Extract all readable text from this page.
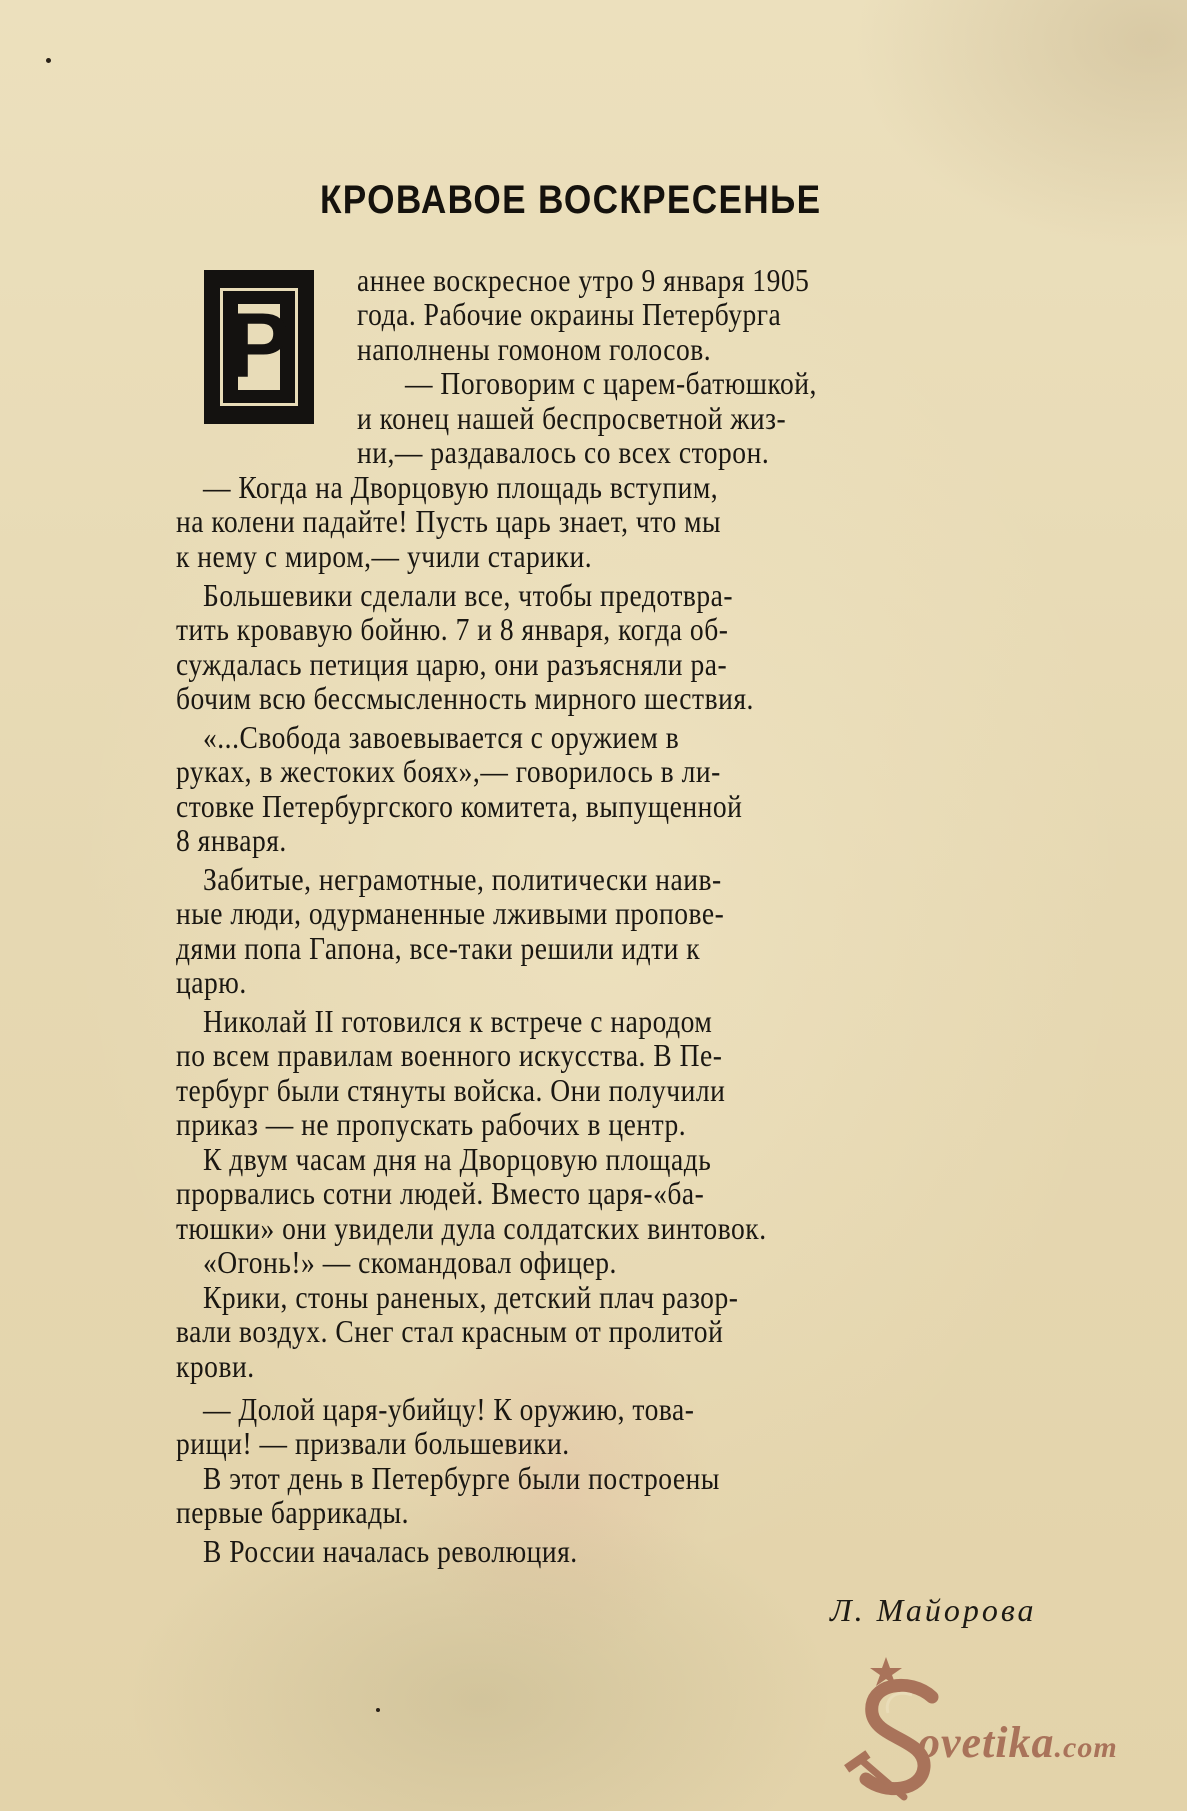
КРОВАВОЕ ВОСКРЕСЕНЬЕ
Р
аннее воскресное утро 9 января 1905
года. Рабочие окраины Петербурга
наполнены гомоном голосов.
— Поговорим с царем-батюшкой,
и конец нашей беспросветной жиз-
ни,— раздавалось со всех сторон.
— Когда на Дворцовую площадь вступим,
на колени падайте! Пусть царь знает, что мы
к нему с миром,— учили старики.
Большевики сделали все, чтобы предотвра-
тить кровавую бойню. 7 и 8 января, когда об-
суждалась петиция царю, они разъясняли ра-
бочим всю бессмысленность мирного шествия.
«...Свобода завоевывается с оружием в
руках, в жестоких боях»,— говорилось в ли-
стовке Петербургского комитета, выпущенной
8 января.
Забитые, неграмотные, политически наив-
ные люди, одурманенные лживыми пропове-
дями попа Гапона, все-таки решили идти к
царю.
Николай II готовился к встрече с народом
по всем правилам военного искусства. В Пе-
тербург были стянуты войска. Они получили
приказ — не пропускать рабочих в центр.
К двум часам дня на Дворцовую площадь
прорвались сотни людей. Вместо царя-«ба-
тюшки» они увидели дула солдатских винтовок.
«Огонь!» — скомандовал офицер.
Крики, стоны раненых, детский плач разор-
вали воздух. Снег стал красным от пролитой
крови.
— Долой царя-убийцу! К оружию, това-
рищи! — призвали большевики.
В этот день в Петербурге были построены
первые баррикады.
В России началась революция.
Л. Майорова
ovetika.com
